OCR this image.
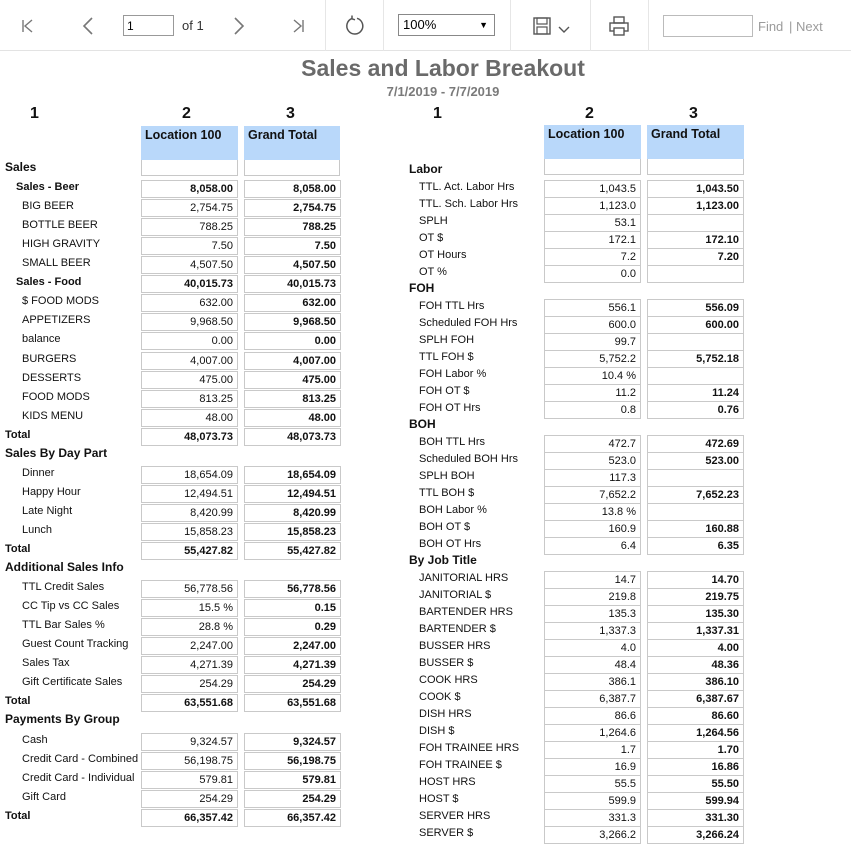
1
of 1	100%	▼	Find | Next
Sales and Labor Breakout
7/1/2019 - 7/7/2019
1	2	3
Location 100	Grand Total
1	2	3
Location 100	Grand Total
Sales
Sales - Beer	8,058.00	8,058.00
BIG BEER	2,754.75	2,754.75
BOTTLE BEER	788.25	788.25
HIGH GRAVITY	7.50	7.50
SMALL BEER	4,507.50	4,507.50
Sales - Food	40,015.73	40,015.73
$ FOOD MODS	632.00	632.00
APPETIZERS	9,968.50	9,968.50
balance	0.00	0.00
BURGERS	4,007.00	4,007.00
DESSERTS	475.00	475.00
FOOD MODS	813.25	813.25
KIDS MENU	48.00	48.00
Total	48,073.73	48,073.73
Sales By Day Part
Dinner	18,654.09	18,654.09
Happy Hour	12,494.51	12,494.51
Late Night	8,420.99	8,420.99
Lunch	15,858.23	15,858.23
Total	55,427.82	55,427.82
Additional Sales Info
TTL Credit Sales	56,778.56	56,778.56
CC Tip vs CC Sales	15.5 %	0.15
TTL Bar Sales %	28.8 %	0.29
Guest Count Tracking	2,247.00	2,247.00
Sales Tax	4,271.39	4,271.39
Gift Certificate Sales	254.29	254.29
Total	63,551.68	63,551.68
Payments By Group
Cash	9,324.57	9,324.57
Credit Card - Combined	56,198.75	56,198.75
Credit Card - Individual	579.81	579.81
Gift Card	254.29	254.29
Total	66,357.42	66,357.42
Labor
TTL. Act. Labor Hrs	1,043.5	1,043.50
TTL. Sch. Labor Hrs	1,123.0	1,123.00
SPLH	53.1
OT $	172.1	172.10
OT Hours	7.2	7.20
OT %	0.0
FOH
FOH TTL Hrs	556.1	556.09
Scheduled FOH Hrs	600.0	600.00
SPLH FOH	99.7
TTL FOH $	5,752.2	5,752.18
FOH Labor %	10.4 %
FOH OT $	11.2	11.24
FOH OT Hrs	0.8	0.76
BOH
BOH TTL Hrs	472.7	472.69
Scheduled BOH Hrs	523.0	523.00
SPLH BOH	117.3
TTL BOH $	7,652.2	7,652.23
BOH Labor %	13.8 %
BOH OT $	160.9	160.88
BOH OT Hrs	6.4	6.35
By Job Title
JANITORIAL HRS	14.7	14.70
JANITORIAL $	219.8	219.75
BARTENDER HRS	135.3	135.30
BARTENDER $	1,337.3	1,337.31
BUSSER HRS	4.0	4.00
BUSSER $	48.4	48.36
COOK HRS	386.1	386.10
COOK $	6,387.7	6,387.67
DISH HRS	86.6	86.60
DISH $	1,264.6	1,264.56
FOH TRAINEE HRS	1.7	1.70
FOH TRAINEE $	16.9	16.86
HOST HRS	55.5	55.50
HOST $	599.9	599.94
SERVER HRS	331.3	331.30
SERVER $	3,266.2	3,266.24
